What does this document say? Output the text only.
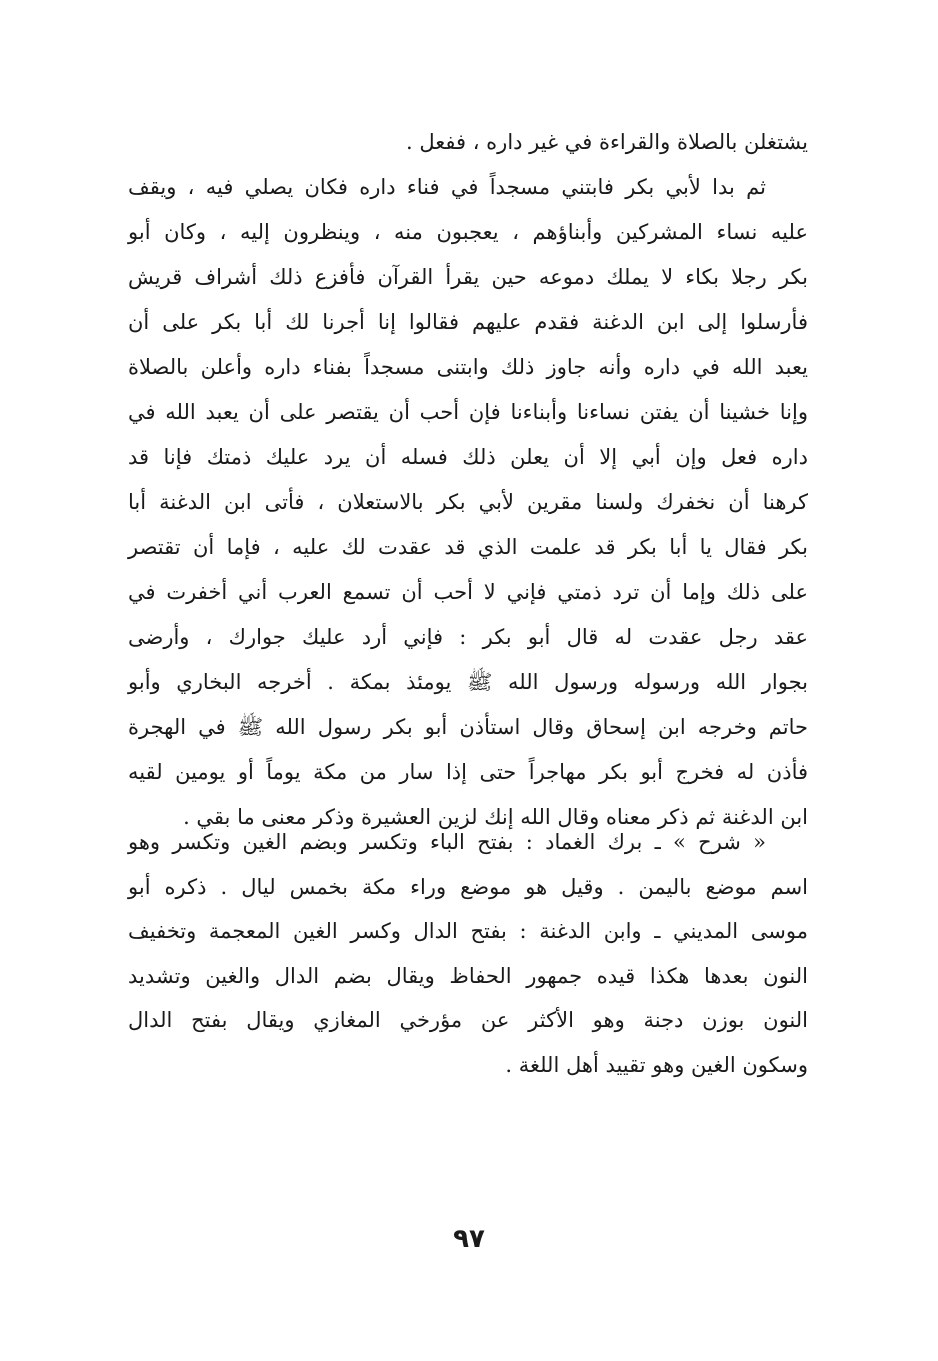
يشتغلن بالصلاة والقراءة في غير داره ، ففعل .
ثم بدا لأبي بكر فابتني مسجداً في فناء داره فكان يصلي فيه ، ويقف
عليه نساء المشركين وأبناؤهم ، يعجبون منه ، وينظرون إليه ، وكان أبو
بكر رجلا بكاء لا يملك دموعه حين يقرأ القرآن فأفزع ذلك أشراف قريش
فأرسلوا إلى ابن الدغنة فقدم عليهم فقالوا إنا أجرنا لك أبا بكر على أن
يعبد الله في داره وأنه جاوز ذلك وابتنى مسجداً بفناء داره وأعلن بالصلاة
وإنا خشينا أن يفتن نساءنا وأبناءنا فإن أحب أن يقتصر على أن يعبد الله في
داره فعل وإن أبي إلا أن يعلن ذلك فسله أن يرد عليك ذمتك فإنا قد
كرهنا أن نخفرك ولسنا مقرين لأبي بكر بالاستعلان ، فأتى ابن الدغنة أبا
بكر فقال يا أبا بكر قد علمت الذي قد عقدت لك عليه ، فإما أن تقتصر
على ذلك وإما أن ترد ذمتي فإني لا أحب أن تسمع العرب أني أخفرت في
عقد رجل عقدت له قال أبو بكر : فإني أرد عليك جوارك ، وأرضى
بجوار الله ورسوله ورسول الله ﷺ يومئذ بمكة . أخرجه البخاري وأبو
حاتم وخرجه ابن إسحاق وقال استأذن أبو بكر رسول الله ﷺ في الهجرة
فأذن له فخرج أبو بكر مهاجراً حتى إذا سار من مكة يوماً أو يومين لقيه
ابن الدغنة ثم ذكر معناه وقال الله إنك لزين العشيرة وذكر معنى ما بقي .
« شرح » ـ برك الغماد : بفتح الباء وتكسر وبضم الغين وتكسر وهو
اسم موضع باليمن . وقيل هو موضع وراء مكة بخمس ليال . ذكره أبو
موسى المديني ـ وابن الدغنة : بفتح الدال وكسر الغين المعجمة وتخفيف
النون بعدها هكذا قيده جمهور الحفاظ ويقال بضم الدال والغين وتشديد
النون بوزن دجنة وهو الأكثر عن مؤرخي المغازي ويقال بفتح الدال
وسكون الغين وهو تقييد أهل اللغة .
٩٧
